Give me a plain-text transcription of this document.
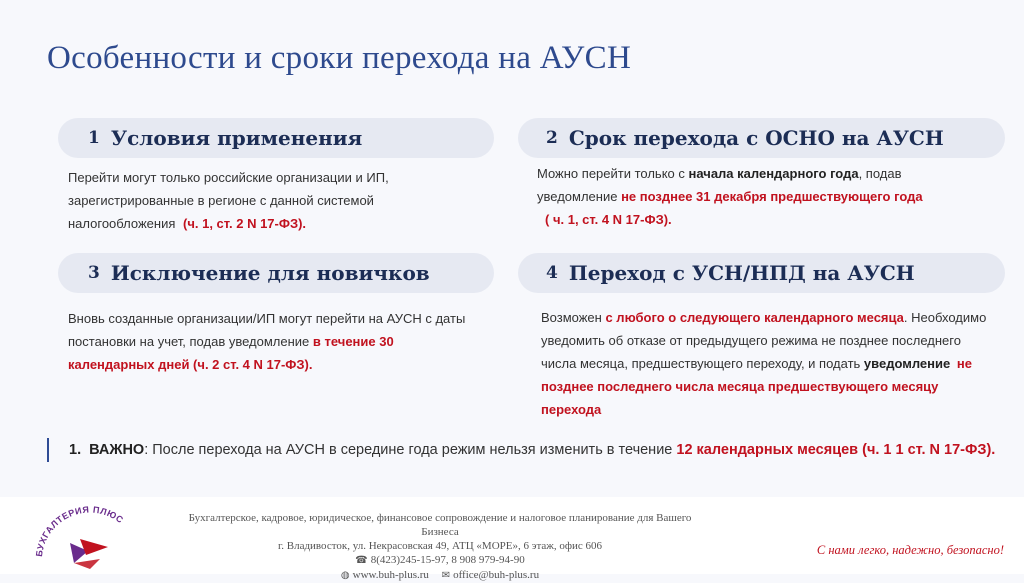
Особенности и сроки перехода на АУСН
1 Условия применения
Перейти могут только российские организации и ИП, зарегистрированные в регионе с данной системой налогообложения (ч. 1, ст. 2 N 17-ФЗ).
2 Срок перехода с ОСНО на АУСН
Можно перейти только с начала календарного года, подав уведомление не позднее 31 декабря предшествующего года
( ч. 1, ст. 4 N 17-ФЗ).
3 Исключение для новичков
Вновь созданные организации/ИП могут перейти на АУСН с даты постановки на учет, подав уведомление в течение 30 календарных дней (ч. 2 ст. 4 N 17-ФЗ).
4 Переход с УСН/НПД на АУСН
Возможен с любого о следующего календарного месяца. Необходимо уведомить об отказе от предыдущего режима не позднее последнего числа месяца, предшествующего переходу, и подать уведомление не позднее последнего числа месяца предшествующего месяцу перехода
1. ВАЖНО: После перехода на АУСН в середине года режим нельзя изменить в течение 12 календарных месяцев (ч. 1 1 ст. N 17-ФЗ).
БУХГАЛТЕРИЯ ПЛЮС	Бухгалтерское, кадровое, юридическое, финансовое сопровождение и налоговое планирование для Вашего Бизнеса
г. Владивосток, ул. Некрасовская 49, АТЦ «МОРЕ», 6 этаж, офис 606
☎ 8(423)245-15-97, 8 908 979-94-90
◍ www.buh-plus.ru ✉ office@buh-plus.ru
С нами легко, надежно, безопасно!
